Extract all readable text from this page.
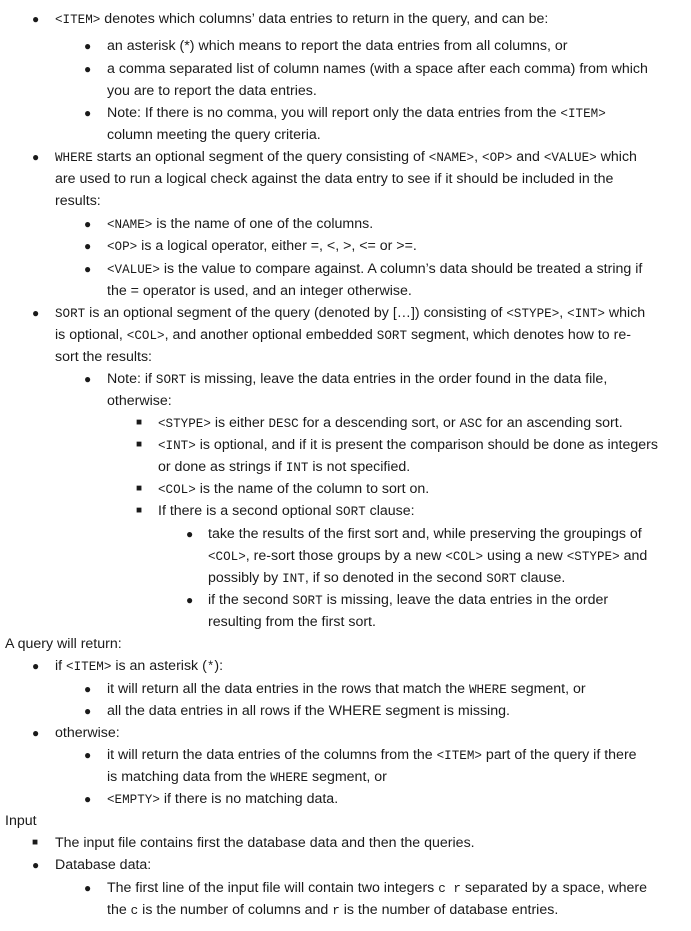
● <ITEM> denotes which columns’ data entries to return in the query, and can be:
● an asterisk (*) which means to report the data entries from all columns, or
● a comma separated list of column names (with a space after each comma) from which
you are to report the data entries.
● Note: If there is no comma, you will report only the data entries from the <ITEM>
column meeting the query criteria.
● WHERE starts an optional segment of the query consisting of <NAME>, <OP> and <VALUE> which
are used to run a logical check against the data entry to see if it should be included in the
results:
● <NAME> is the name of one of the columns.
● <OP> is a logical operator, either =, <, >, <= or >=.
● <VALUE> is the value to compare against. A column’s data should be treated a string if
the = operator is used, and an integer otherwise.
● SORT is an optional segment of the query (denoted by […]) consisting of <STYPE>, <INT> which
is optional, <COL>, and another optional embedded SORT segment, which denotes how to re-
sort the results:
● Note: if SORT is missing, leave the data entries in the order found in the data file,
otherwise:
■ <STYPE> is either DESC for a descending sort, or ASC for an ascending sort.
■ <INT> is optional, and if it is present the comparison should be done as integers
or done as strings if INT is not specified.
■ <COL> is the name of the column to sort on.
■ If there is a second optional SORT clause:
● take the results of the first sort and, while preserving the groupings of
<COL>, re-sort those groups by a new <COL> using a new <STYPE> and
possibly by INT, if so denoted in the second SORT clause.
● if the second SORT is missing, leave the data entries in the order
resulting from the first sort.
A query will return:
● if <ITEM> is an asterisk (*):
● it will return all the data entries in the rows that match the WHERE segment, or
● all the data entries in all rows if the WHERE segment is missing.
● otherwise:
● it will return the data entries of the columns from the <ITEM> part of the query if there
is matching data from the WHERE segment, or
● <EMPTY> if there is no matching data.
Input
■ The input file contains first the database data and then the queries.
● Database data:
● The first line of the input file will contain two integers c r separated by a space, where
the c is the number of columns and r is the number of database entries.
